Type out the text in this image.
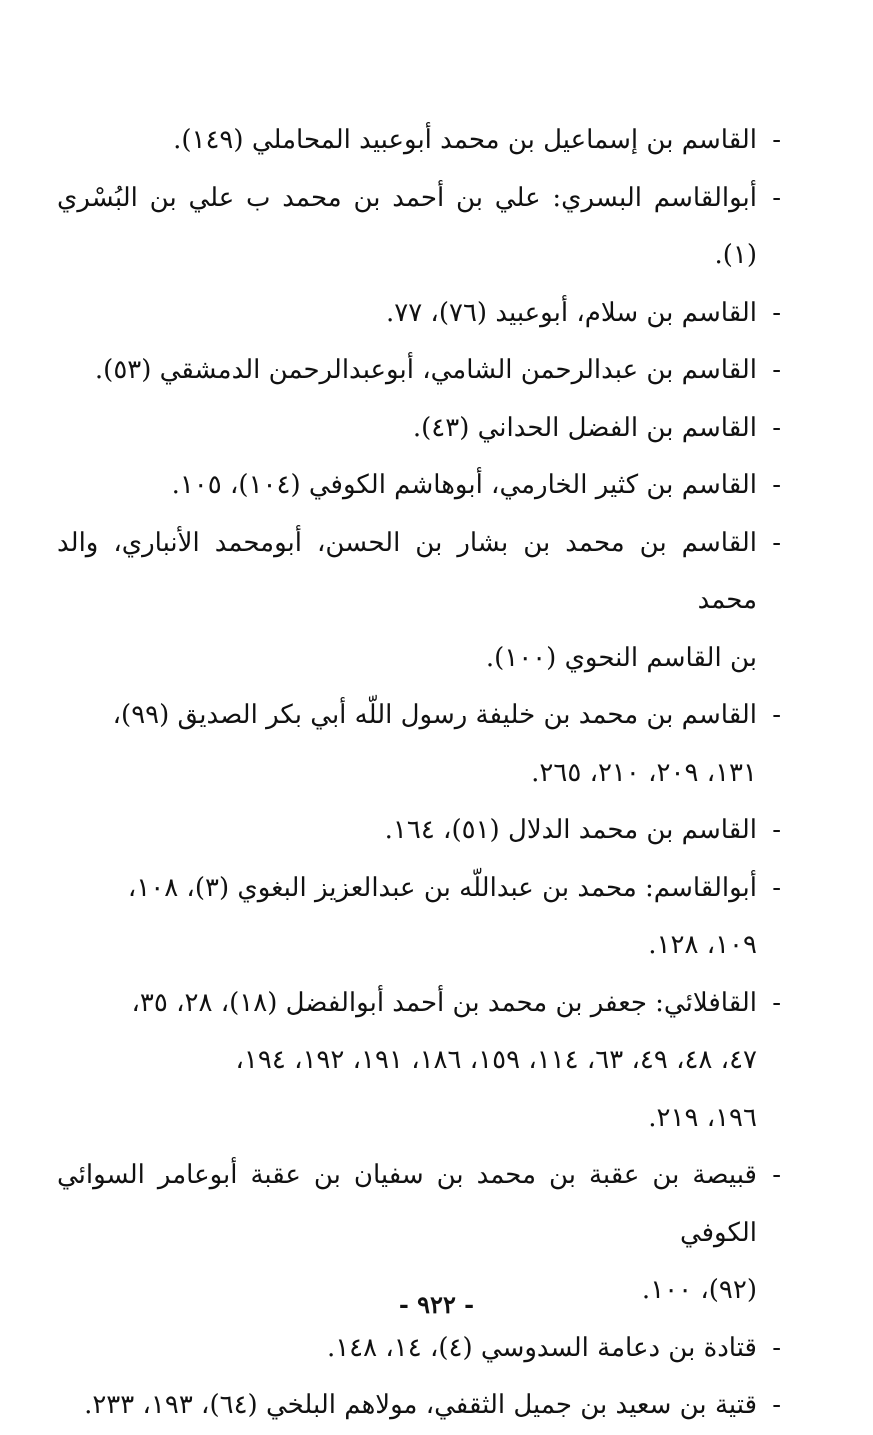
-
القاسم بن إسماعيل بن محمد أبوعبيد المحاملي (١٤٩).
-
أبوالقاسم البسري: علي بن أحمد بن محمد ب علي بن البُسْري (١).
-
القاسم بن سلام، أبوعبيد (٧٦)، ٧٧.
-
القاسم بن عبدالرحمن الشامي، أبوعبدالرحمن الدمشقي (٥٣).
-
القاسم بن الفضل الحداني (٤٣).
-
القاسم بن كثير الخارمي، أبوهاشم الكوفي (١٠٤)، ١٠٥.
-
القاسم بن محمد بن بشار بن الحسن، أبومحمد الأنباري، والد محمد
بن القاسم النحوي (١٠٠).
-
القاسم بن محمد بن خليفة رسول اللّه أبي بكر الصديق (٩٩)،
١٣١، ٢٠٩، ٢١٠، ٢٦٥.
-
القاسم بن محمد الدلال (٥١)، ١٦٤.
-
أبوالقاسم: محمد بن عبداللّه بن عبدالعزيز البغوي (٣)، ١٠٨،
١٠٩، ١٢٨.
-
القافلائي: جعفر بن محمد بن أحمد أبوالفضل (١٨)، ٢٨، ٣٥،
٤٧، ٤٨، ٤٩، ٦٣، ١١٤، ١٥٩، ١٨٦، ١٩١، ١٩٢، ١٩٤،
١٩٦، ٢١٩.
-
قبيصة بن عقبة بن محمد بن سفيان بن عقبة أبوعامر السوائي الكوفي
(٩٢)، ١٠٠.
-
قتادة بن دعامة السدوسي (٤)، ١٤، ١٤٨.
-
قتية بن سعيد بن جميل الثقفي، مولاهم البلخي (٦٤)، ١٩٣، ٢٣٣.
- ٩٢٢ -
